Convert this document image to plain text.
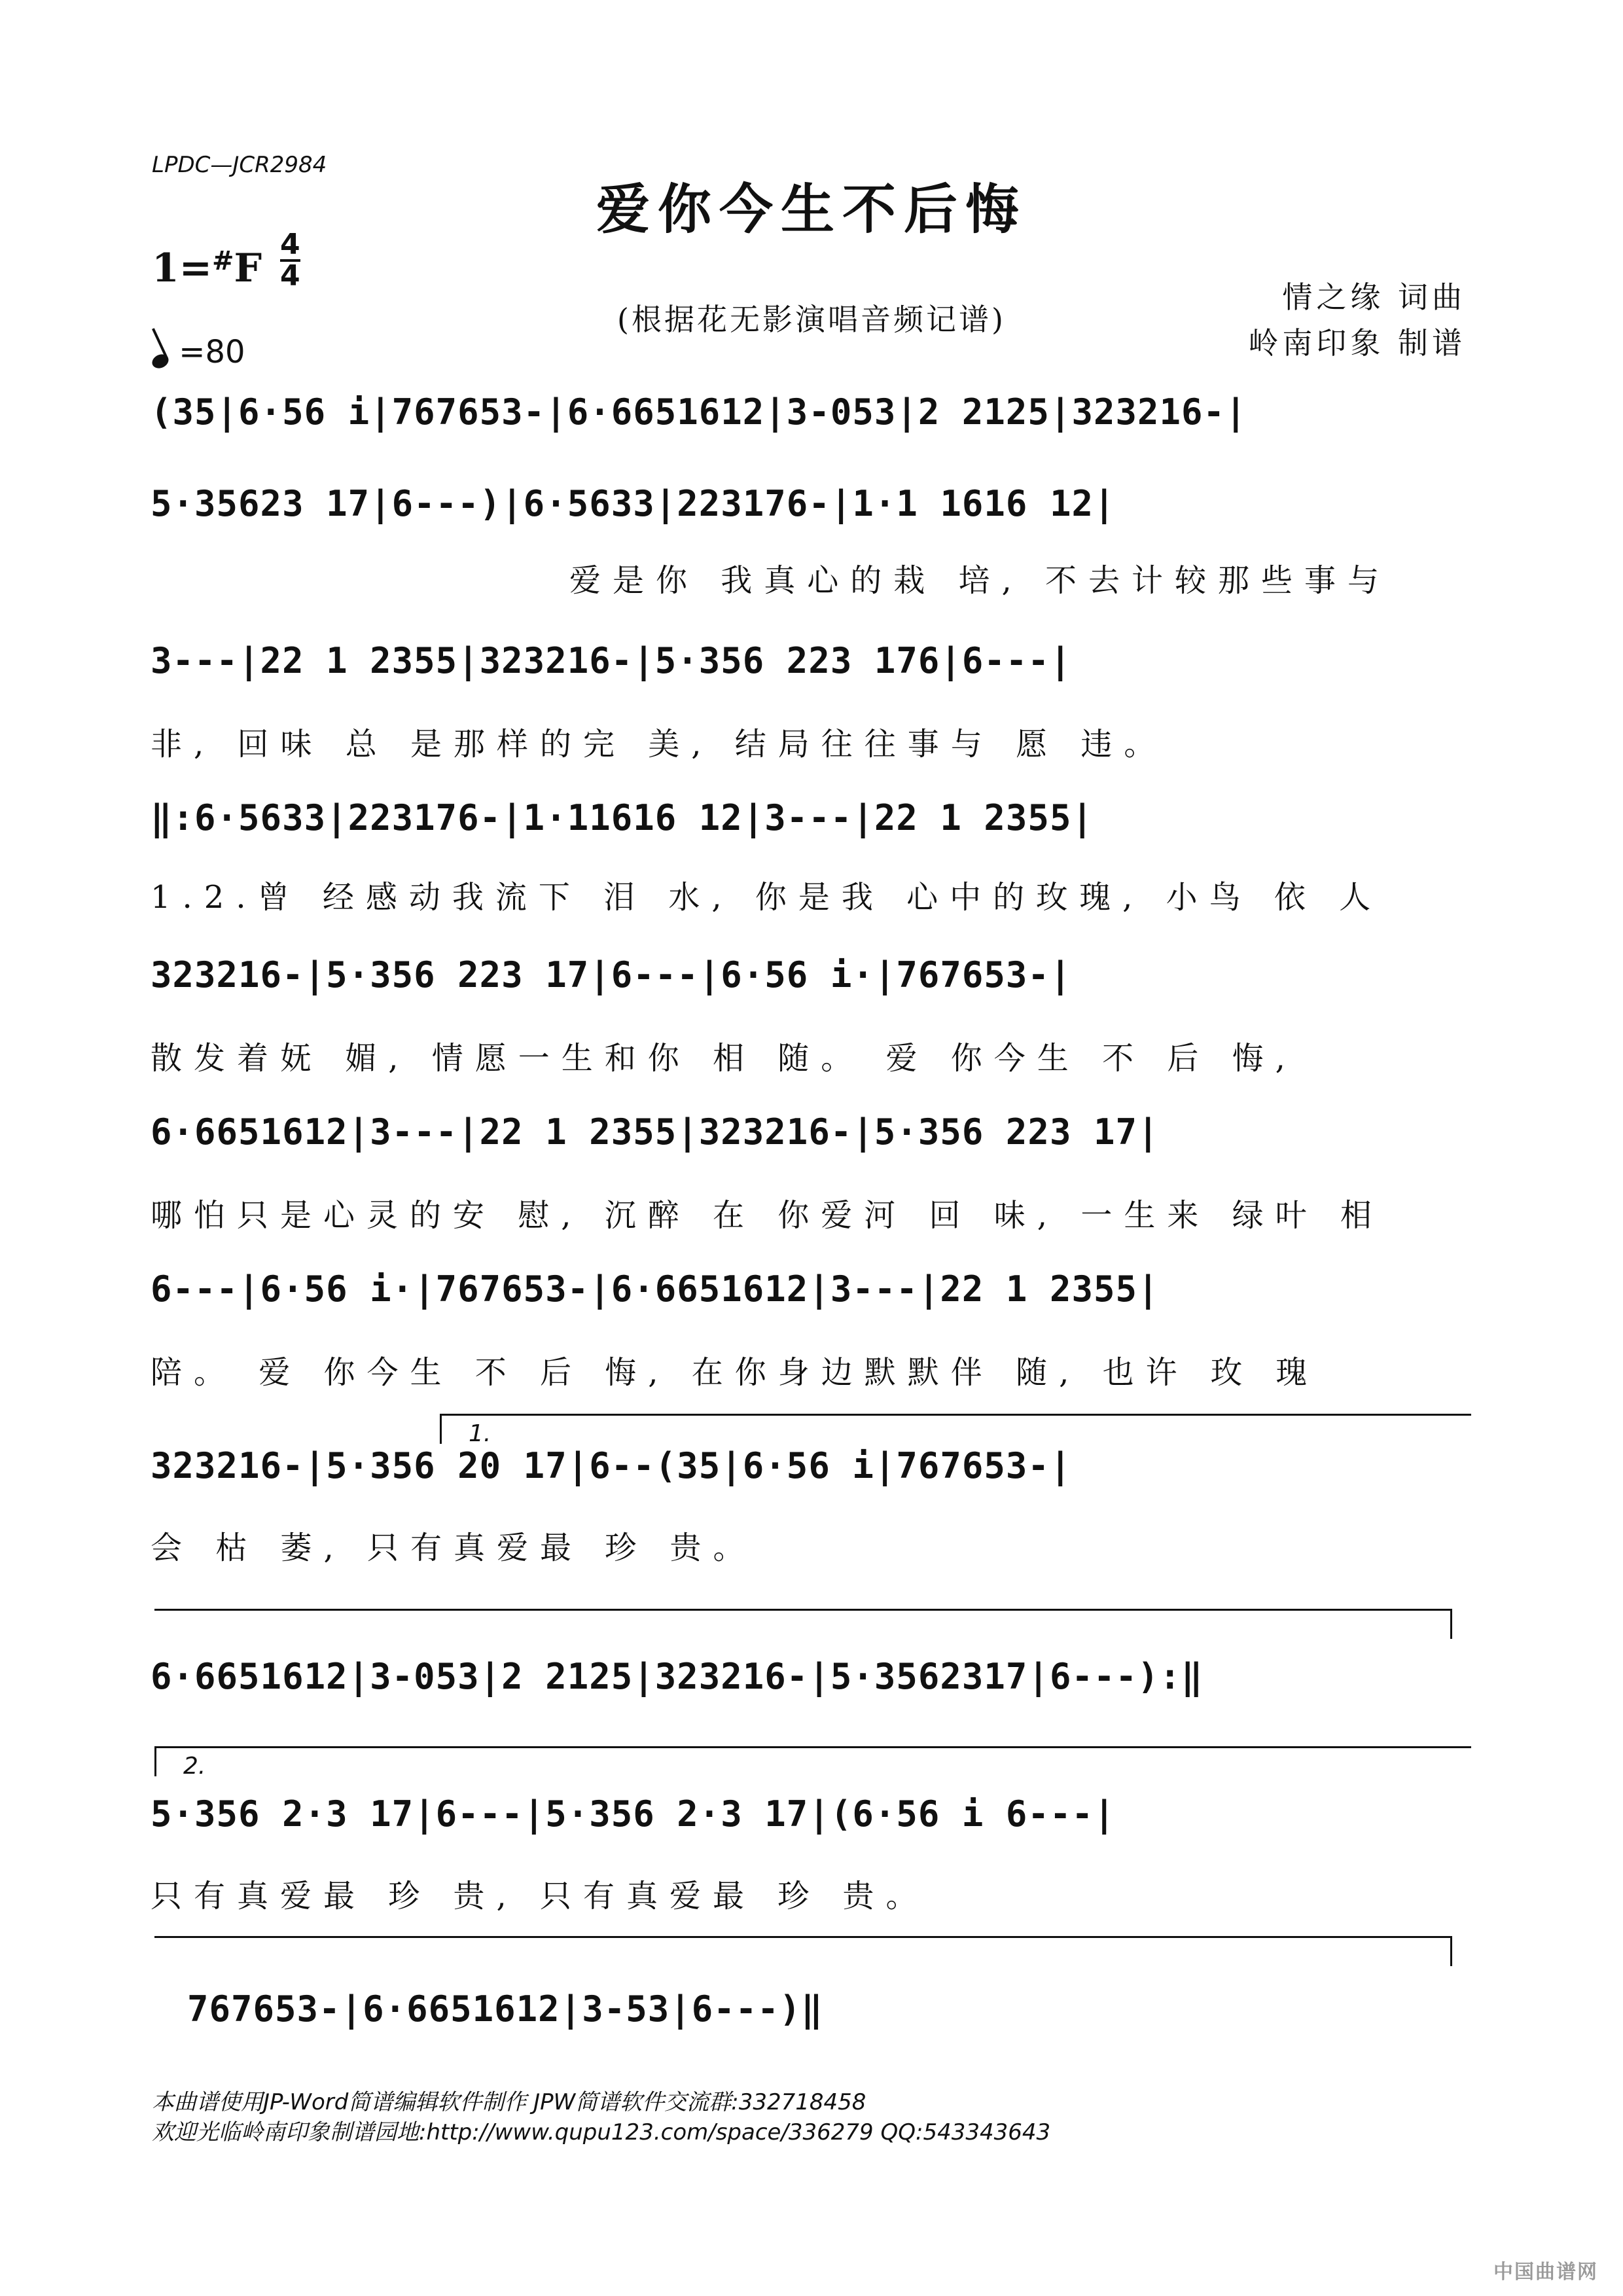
LPDC—JCR2984
爱你今生不后悔
1=#F
4
4
(根据花无影演唱音频记谱)
情之缘 词曲
岭南印象 制谱
=80
(35|6·56 i|767653-|6·6651612|3-053|2 2125|323216-|
5·35623 17|6---)|6·5633|223176-|1·1 1616 12|
爱是你 我真心的栽 培, 不去计较那些事与
3---|22 1 2355|323216-|5·356 223 176|6---|
非, 回味 总 是那样的完 美, 结局往往事与 愿 违。
‖:6·5633|223176-|1·11616 12|3---|22 1 2355|
1.2.曾 经感动我流下 泪 水, 你是我 心中的玫瑰, 小鸟 依 人
323216-|5·356 223 17|6---|6·56 i·|767653-|
散发着妩 媚, 情愿一生和你 相 随。 爱 你今生 不 后 悔,
6·6651612|3---|22 1 2355|323216-|5·356 223 17|
哪怕只是心灵的安 慰, 沉醉 在 你爱河 回 味, 一生来 绿叶 相
6---|6·56 i·|767653-|6·6651612|3---|22 1 2355|
陪。 爱 你今生 不 后 悔, 在你身边默默伴 随, 也许 玫 瑰
1.
323216-|5·356 20 17|6--(35|6·56 i|767653-|
会 枯 萎, 只有真爱最 珍 贵。
6·6651612|3-053|2 2125|323216-|5·3562317|6---):‖
2.
5·356 2·3 17|6---|5·356 2·3 17|(6·56 i 6---|
只有真爱最 珍 贵, 只有真爱最 珍 贵。
767653-|6·6651612|3-53|6---)‖
本曲谱使用JP-Word简谱编辑软件制作 JPW简谱软件交流群:332718458
欢迎光临岭南印象制谱园地:http://www.qupu123.com/space/336279 QQ:543343643
中国曲谱网
